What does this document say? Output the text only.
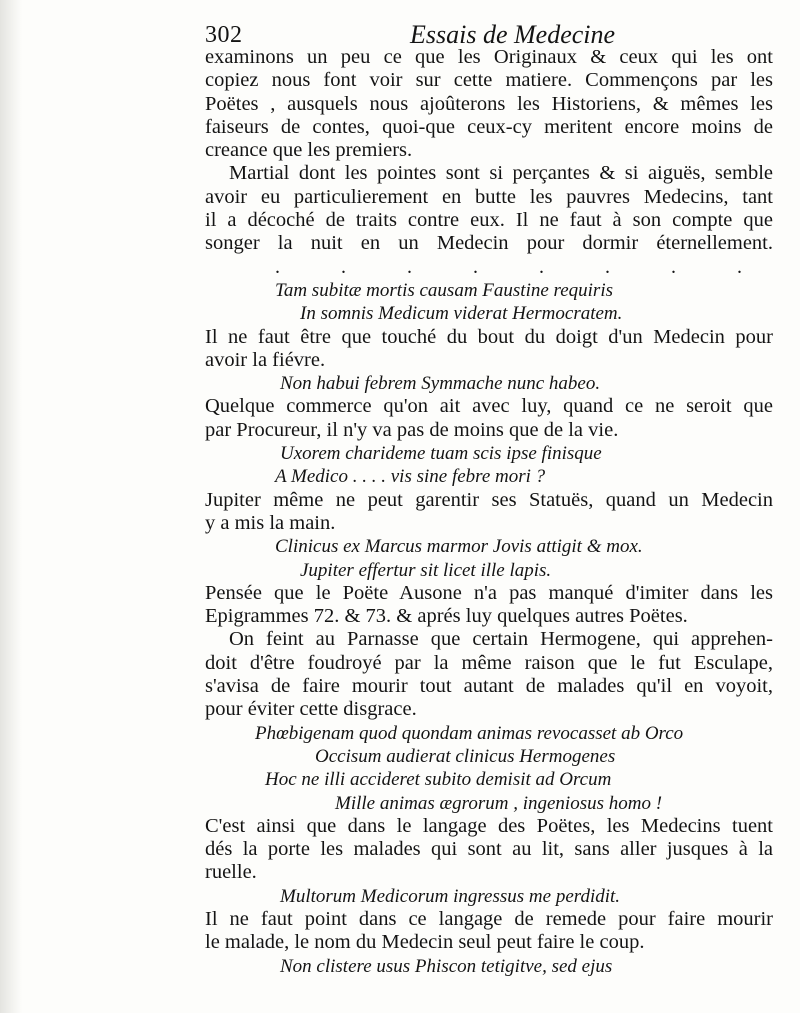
302	Essais de Medecine
examinons un peu ce que les Originaux & ceux qui les ont
copiez nous font voir sur cette matiere. Commençons par les
Poëtes , ausquels nous ajoûterons les Historiens, & mêmes les
faiseurs de contes, quoi-que ceux-cy meritent encore moins de
creance que les premiers.
Martial dont les pointes sont si perçantes & si aiguës, semble
avoir eu particulierement en butte les pauvres Medecins, tant
il a décoché de traits contre eux. Il ne faut à son compte que
songer la nuit en un Medecin pour dormir éternellement.
. . . . . . . .
Tam subitæ mortis causam Faustine requiris
In somnis Medicum viderat Hermocratem.
Il ne faut être que touché du bout du doigt d'un Medecin pour
avoir la fiévre.
Non habui febrem Symmache nunc habeo.
Quelque commerce qu'on ait avec luy, quand ce ne seroit que
par Procureur, il n'y va pas de moins que de la vie.
Uxorem charideme tuam scis ipse finisque
A Medico . . . . vis sine febre mori ?
Jupiter même ne peut garentir ses Statuës, quand un Medecin
y a mis la main.
Clinicus ex Marcus marmor Jovis attigit & mox.
Jupiter effertur sit licet ille lapis.
Pensée que le Poëte Ausone n'a pas manqué d'imiter dans les
Epigrammes 72. & 73. & aprés luy quelques autres Poëtes.
On feint au Parnasse que certain Hermogene, qui apprehen-
doit d'être foudroyé par la même raison que le fut Esculape,
s'avisa de faire mourir tout autant de malades qu'il en voyoit,
pour éviter cette disgrace.
Phœbigenam quod quondam animas revocasset ab Orco
Occisum audierat clinicus Hermogenes
Hoc ne illi accideret subito demisit ad Orcum
Mille animas ægrorum , ingeniosus homo !
C'est ainsi que dans le langage des Poëtes, les Medecins tuent
dés la porte les malades qui sont au lit, sans aller jusques à la
ruelle.
Multorum Medicorum ingressus me perdidit.
Il ne faut point dans ce langage de remede pour faire mourir
le malade, le nom du Medecin seul peut faire le coup.
Non clistere usus Phiscon tetigitve, sed ejus
